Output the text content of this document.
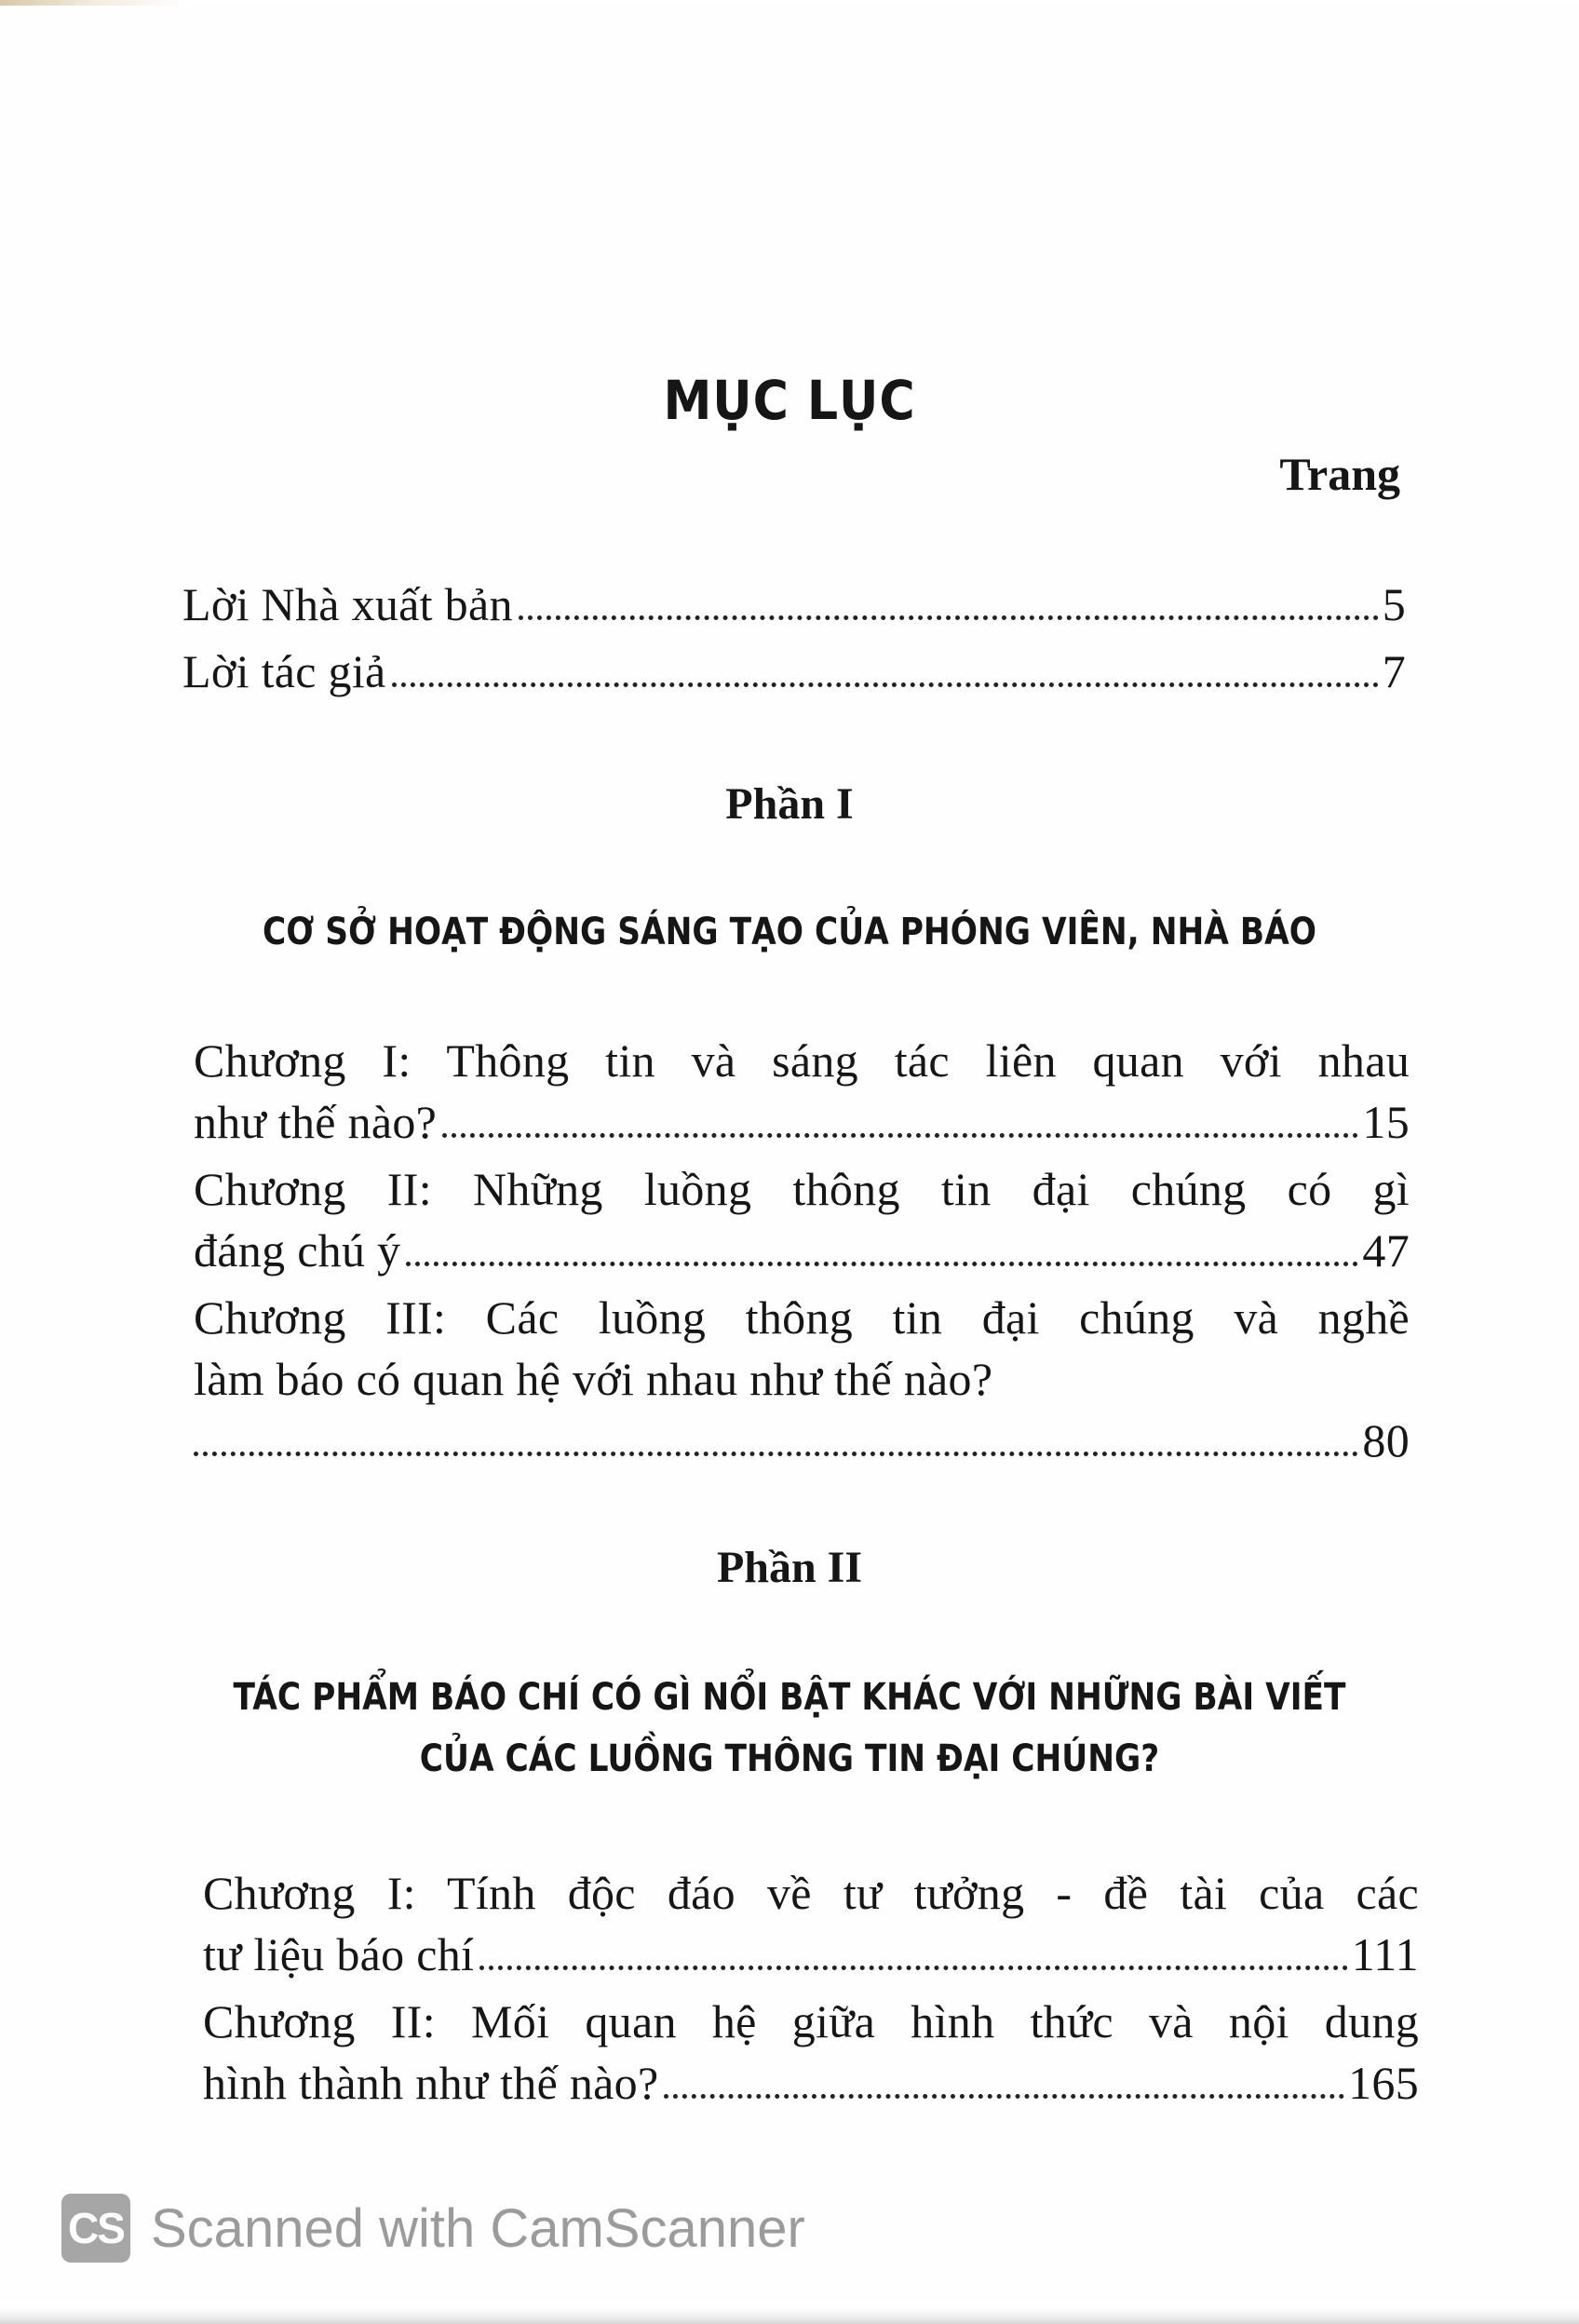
MỤC LỤC
Trang
Lời Nhà xuất bản	5
Lời tác giả	7
Phần I
CƠ SỞ HOẠT ĐỘNG SÁNG TẠO CỦA PHÓNG VIÊN, NHÀ BÁO
Chương I: Thông tin và sáng tác liên quan với nhau
như thế nào?	15
Chương II: Những luồng thông tin đại chúng có gì
đáng chú ý	47
Chương III: Các luồng thông tin đại chúng và nghề
làm báo có quan hệ với nhau như thế nào?
80
Phần II
TÁC PHẨM BÁO CHÍ CÓ GÌ NỔI BẬT KHÁC VỚI NHỮNG BÀI VIẾT
CỦA CÁC LUỒNG THÔNG TIN ĐẠI CHÚNG?
Chương I: Tính độc đáo về tư tưởng - đề tài của các
tư liệu báo chí	111
Chương II: Mối quan hệ giữa hình thức và nội dung
hình thành như thế nào?	165
CS Scanned with CamScanner
